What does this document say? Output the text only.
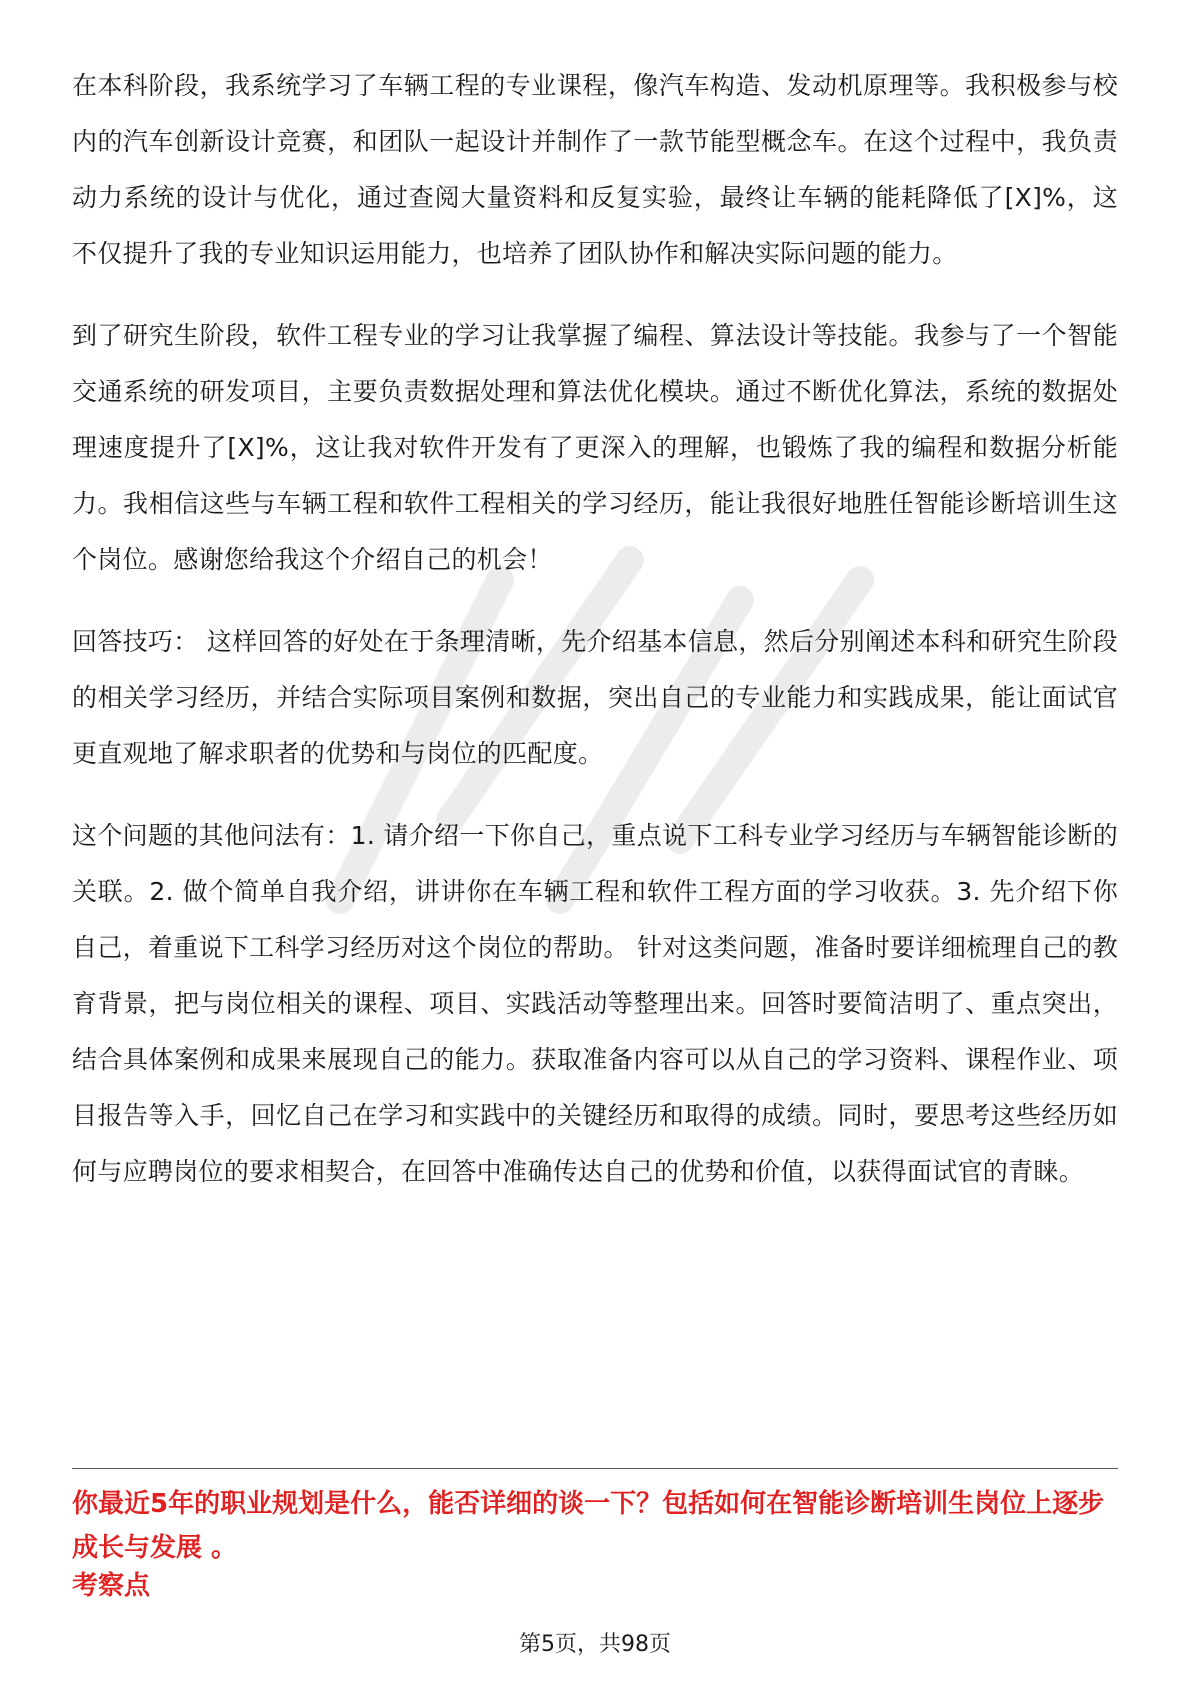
在本科阶段，我系统学习了车辆工程的专业课程，像汽车构造、发动机原理等。我积极参与校内的汽车创新设计竞赛，和团队一起设计并制作了一款节能型概念车。在这个过程中，我负责动力系统的设计与优化，通过查阅大量资料和反复实验，最终让车辆的能耗降低了[X]%，这不仅提升了我的专业知识运用能力，也培养了团队协作和解决实际问题的能力。

到了研究生阶段，软件工程专业的学习让我掌握了编程、算法设计等技能。我参与了一个智能交通系统的研发项目，主要负责数据处理和算法优化模块。通过不断优化算法，系统的数据处理速度提升了[X]%，这让我对软件开发有了更深入的理解，也锻炼了我的编程和数据分析能力。我相信这些与车辆工程和软件工程相关的学习经历，能让我很好地胜任智能诊断培训生这个岗位。感谢您给我这个介绍自己的机会！

回答技巧： 这样回答的好处在于条理清晰，先介绍基本信息，然后分别阐述本科和研究生阶段的相关学习经历，并结合实际项目案例和数据，突出自己的专业能力和实践成果，能让面试官更直观地了解求职者的优势和与岗位的匹配度。

这个问题的其他问法有：1. 请介绍一下你自己，重点说下工科专业学习经历与车辆智能诊断的关联。2. 做个简单自我介绍，讲讲你在车辆工程和软件工程方面的学习收获。3. 先介绍下你自己，着重说下工科学习经历对这个岗位的帮助。 针对这类问题，准备时要详细梳理自己的教育背景，把与岗位相关的课程、项目、实践活动等整理出来。回答时要简洁明了、重点突出，结合具体案例和成果来展现自己的能力。获取准备内容可以从自己的学习资料、课程作业、项目报告等入手，回忆自己在学习和实践中的关键经历和取得的成绩。同时，要思考这些经历如何与应聘岗位的要求相契合，在回答中准确传达自己的优势和价值，以获得面试官的青睐。

你最近5年的职业规划是什么，能否详细的谈一下？包括如何在智能诊断培训生岗位上逐步成长与发展 。
考察点
第5页，共98页
